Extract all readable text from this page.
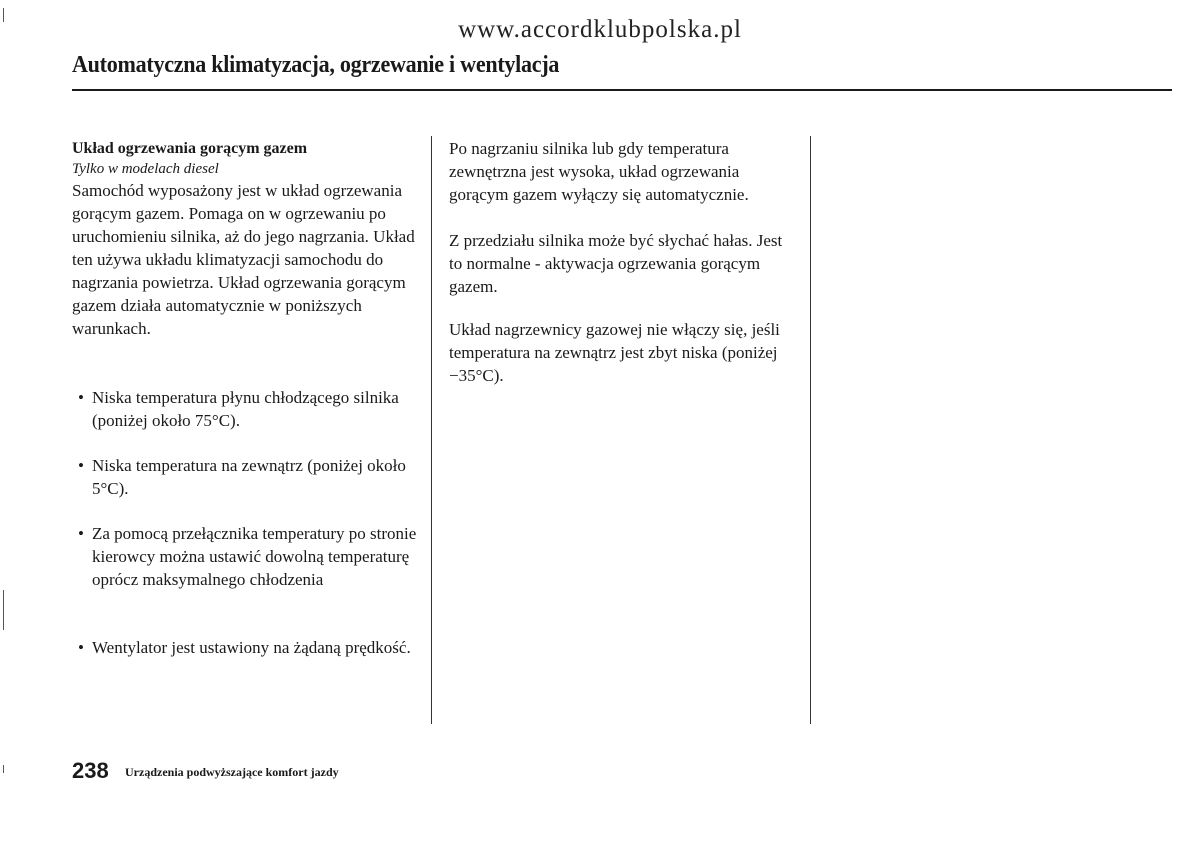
www.accordklubpolska.pl
Automatyczna klimatyzacja, ogrzewanie i wentylacja

Układ ogrzewania gorącym gazem

Tylko w modelach diesel

Samochód wyposażony jest w układ ogrzewania gorącym gazem. Pomaga on w ogrzewaniu po uruchomieniu silnika, aż do jego nagrzania. Układ ten używa układu klimatyzacji samochodu do nagrzania powietrza. Układ ogrzewania gorącym gazem działa automatycznie w poniższych warunkach.

• Niska temperatura płynu chłodzącego silnika (poniżej około 75°C).
• Niska temperatura na zewnątrz (poniżej około 5°C).
• Za pomocą przełącznika temperatury po stronie kierowcy można ustawić dowolną temperaturę oprócz maksymalnego chłodzenia
• Wentylator jest ustawiony na żądaną prędkość.

Po nagrzaniu silnika lub gdy temperatura zewnętrzna jest wysoka, układ ogrzewania gorącym gazem wyłączy się automatycznie.

Z przedziału silnika może być słychać hałas. Jest to normalne - aktywacja ogrzewania gorącym gazem.

Układ nagrzewnicy gazowej nie włączy się, jeśli temperatura na zewnątrz jest zbyt niska (poniżej −35°C).

238 Urządzenia podwyższające komfort jazdy
